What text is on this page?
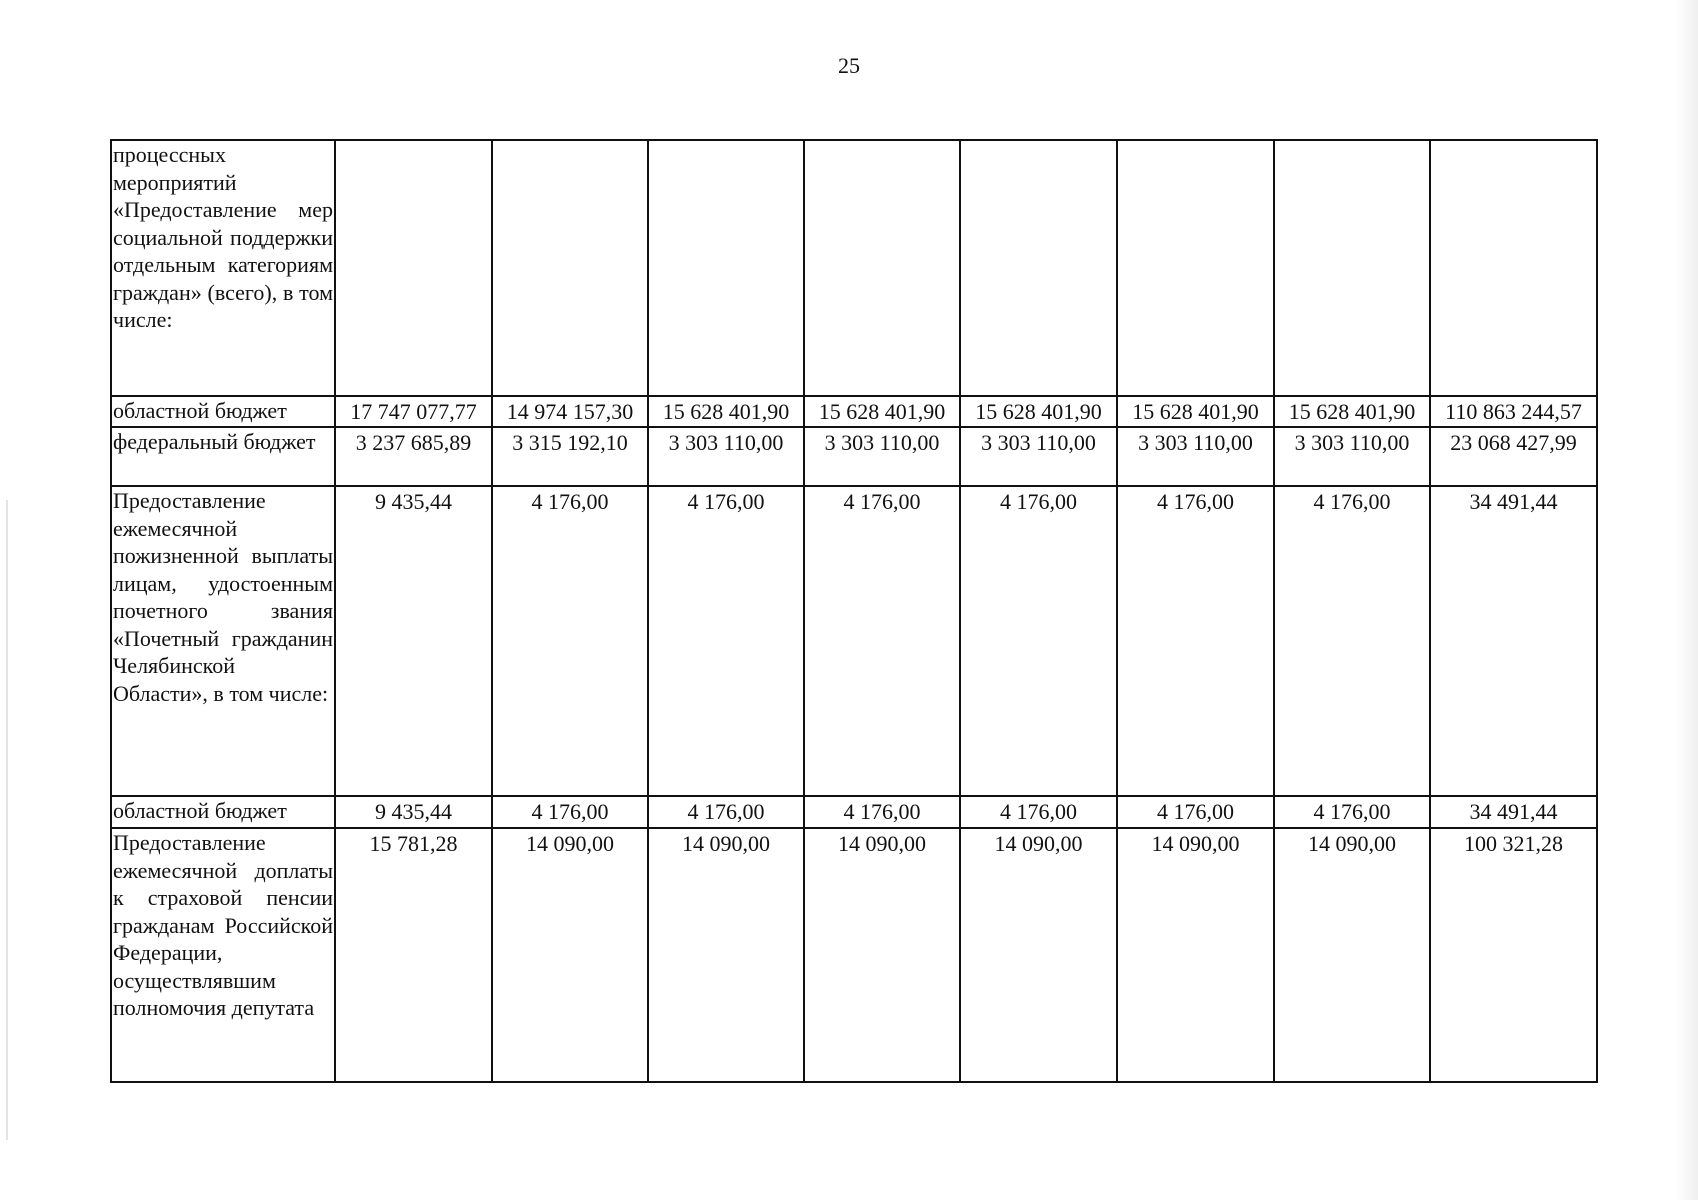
25
процессных мероприятий «Предоставление мер социальной поддержки отдельным категориям граждан» (всего), в том числе:								
областной бюджет	17 747 077,77	14 974 157,30	15 628 401,90	15 628 401,90	15 628 401,90	15 628 401,90	15 628 401,90	110 863 244,57
федеральный бюджет	3 237 685,89	3 315 192,10	3 303 110,00	3 303 110,00	3 303 110,00	3 303 110,00	3 303 110,00	23 068 427,99
Предоставление ежемесячной пожизненной выплаты лицам, удостоенным почетного звания «Почетный гражданин Челябинской Области», в том числе:	9 435,44	4 176,00	4 176,00	4 176,00	4 176,00	4 176,00	4 176,00	34 491,44
областной бюджет	9 435,44	4 176,00	4 176,00	4 176,00	4 176,00	4 176,00	4 176,00	34 491,44
Предоставление ежемесячной доплаты к страховой пенсии гражданам Российской Федерации, осуществлявшим полномочия депутата	15 781,28	14 090,00	14 090,00	14 090,00	14 090,00	14 090,00	14 090,00	100 321,28
